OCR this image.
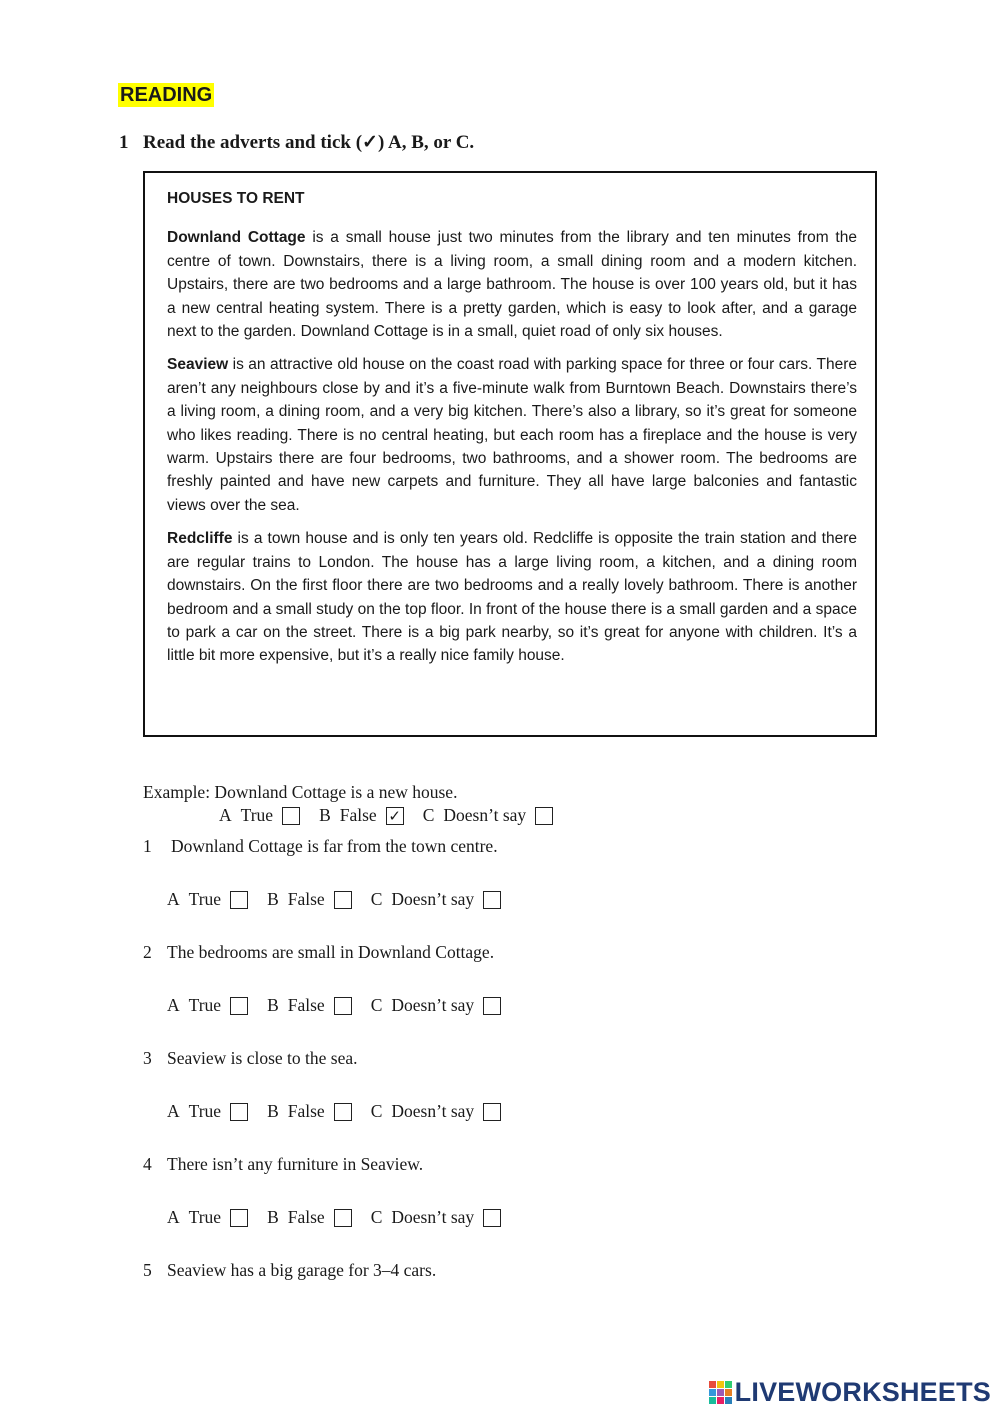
READING
1 Read the adverts and tick (✓) A, B, or C.
HOUSES TO RENT

Downland Cottage is a small house just two minutes from the library and ten minutes from the centre of town. Downstairs, there is a living room, a small dining room and a modern kitchen. Upstairs, there are two bedrooms and a large bathroom. The house is over 100 years old, but it has a new central heating system. There is a pretty garden, which is easy to look after, and a garage next to the garden. Downland Cottage is in a small, quiet road of only six houses.

Seaview is an attractive old house on the coast road with parking space for three or four cars. There aren’t any neighbours close by and it’s a five-minute walk from Burntown Beach. Downstairs there’s a living room, a dining room, and a very big kitchen. There’s also a library, so it’s great for someone who likes reading. There is no central heating, but each room has a fireplace and the house is very warm. Upstairs there are four bedrooms, two bathrooms, and a shower room. The bedrooms are freshly painted and have new carpets and furniture. They all have large balconies and fantastic views over the sea.

Redcliffe is a town house and is only ten years old. Redcliffe is opposite the train station and there are regular trains to London. The house has a large living room, a kitchen, and a dining room downstairs. On the first floor there are two bedrooms and a really lovely bathroom. There is another bedroom and a small study on the top floor. In front of the house there is a small garden and a space to park a car on the street. There is a big park nearby, so it’s great for anyone with children. It’s a little bit more expensive, but it’s a really nice family house.

Example: Downland Cottage is a new house.
A True	B False ✓ C Doesn’t say
1 Downland Cottage is far from the town centre.
A True	B False	C Doesn’t say
2 The bedrooms are small in Downland Cottage.
A True	B False	C Doesn’t say
3 Seaview is close to the sea.
A True	B False	C Doesn’t say
4 There isn’t any furniture in Seaview.
A True	B False	C Doesn’t say
5 Seaview has a big garage for 3–4 cars.
LIVEWORKSHEETS
